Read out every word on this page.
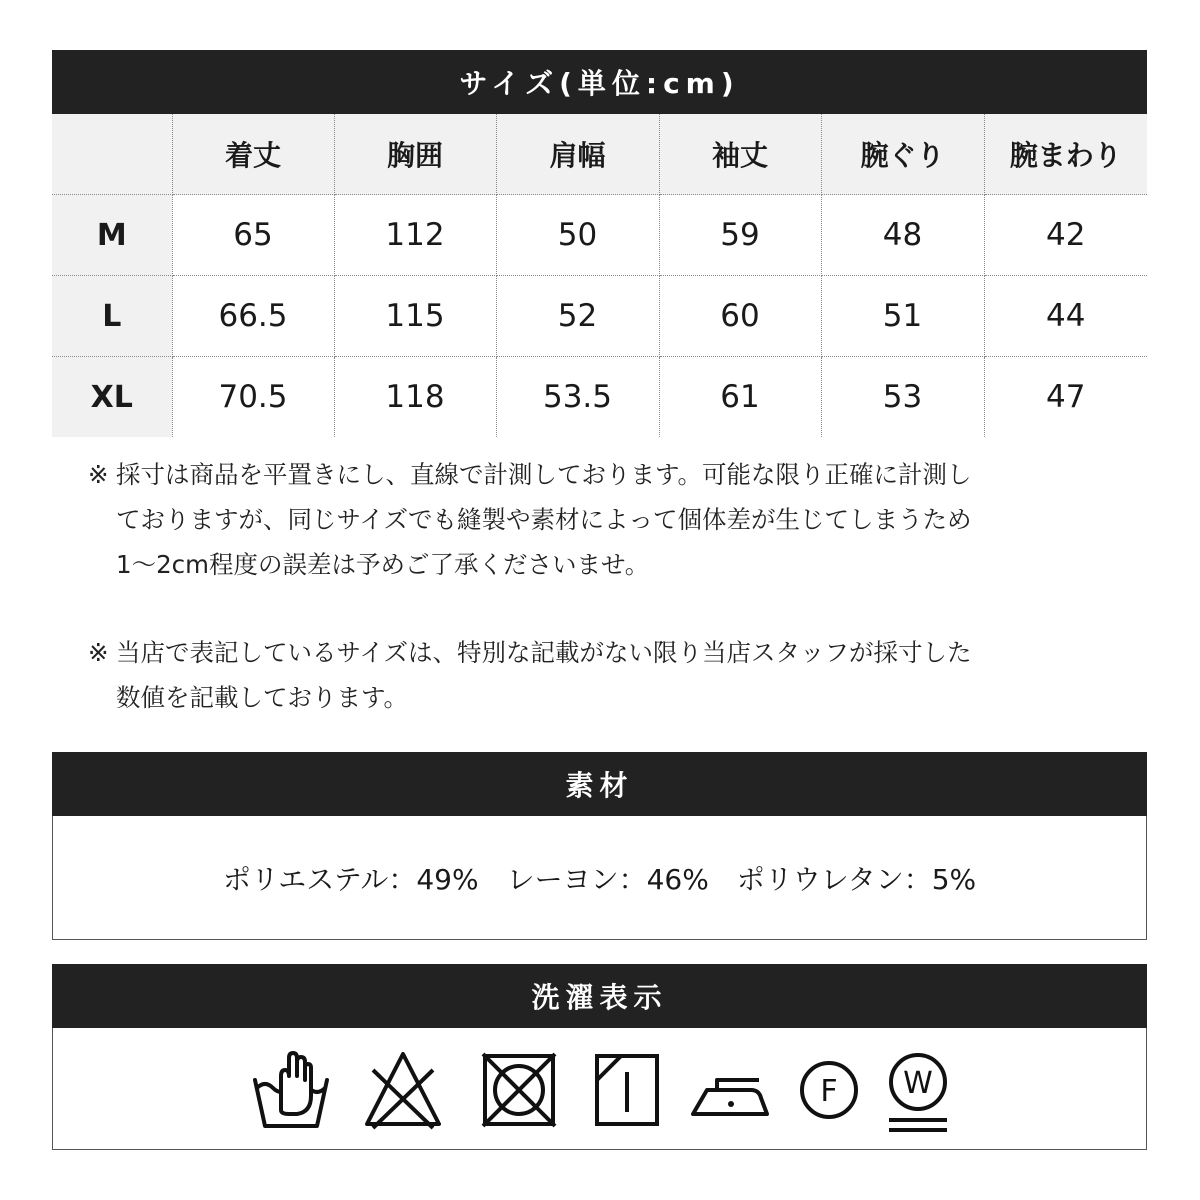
サイズ(単位:cm)
	着丈	胸囲	肩幅	袖丈	腕ぐり	腕まわり
M	65	112	50	59	48	42
L	66.5	115	52	60	51	44
XL	70.5	118	53.5	61	53	47
※ 採寸は商品を平置きにし、直線で計測しております。可能な限り正確に計測し
ておりますが、同じサイズでも縫製や素材によって個体差が生じてしまうため
1〜2cm程度の誤差は予めご了承くださいませ。
※ 当店で表記しているサイズは、特別な記載がない限り当店スタッフが採寸した
数値を記載しております。
素材
ポリエステル：49%　レーヨン：46%　ポリウレタン：5%
洗濯表示
F W
